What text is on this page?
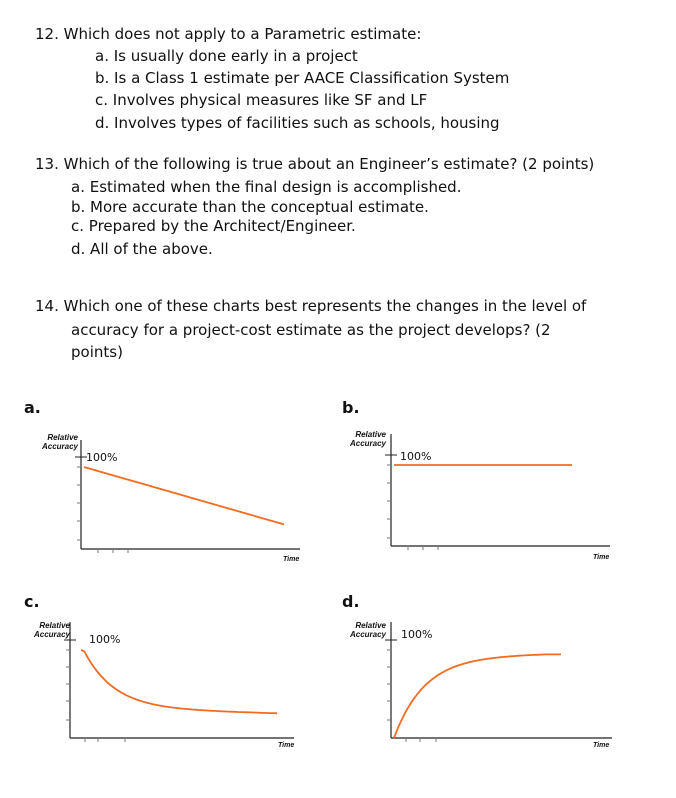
12. Which does not apply to a Parametric estimate:
a. Is usually done early in a project
b. Is a Class 1 estimate per AACE Classification System
c. Involves physical measures like SF and LF
d. Involves types of facilities such as schools, housing
13. Which of the following is true about an Engineer’s estimate? (2 points)
a. Estimated when the final design is accomplished.
b. More accurate than the conceptual estimate.
c. Prepared by the Architect/Engineer.
d. All of the above.
14. Which one of these charts best represents the changes in the level of
accuracy for a project-cost estimate as the project develops? (2
points)
a.
Relative
Accuracy
100%
Time
b.
Relative
Accuracy
100%
Time
c.
Relative
Accuracy 100%
Time
d.
Relative
Accuracy 100%
Time
